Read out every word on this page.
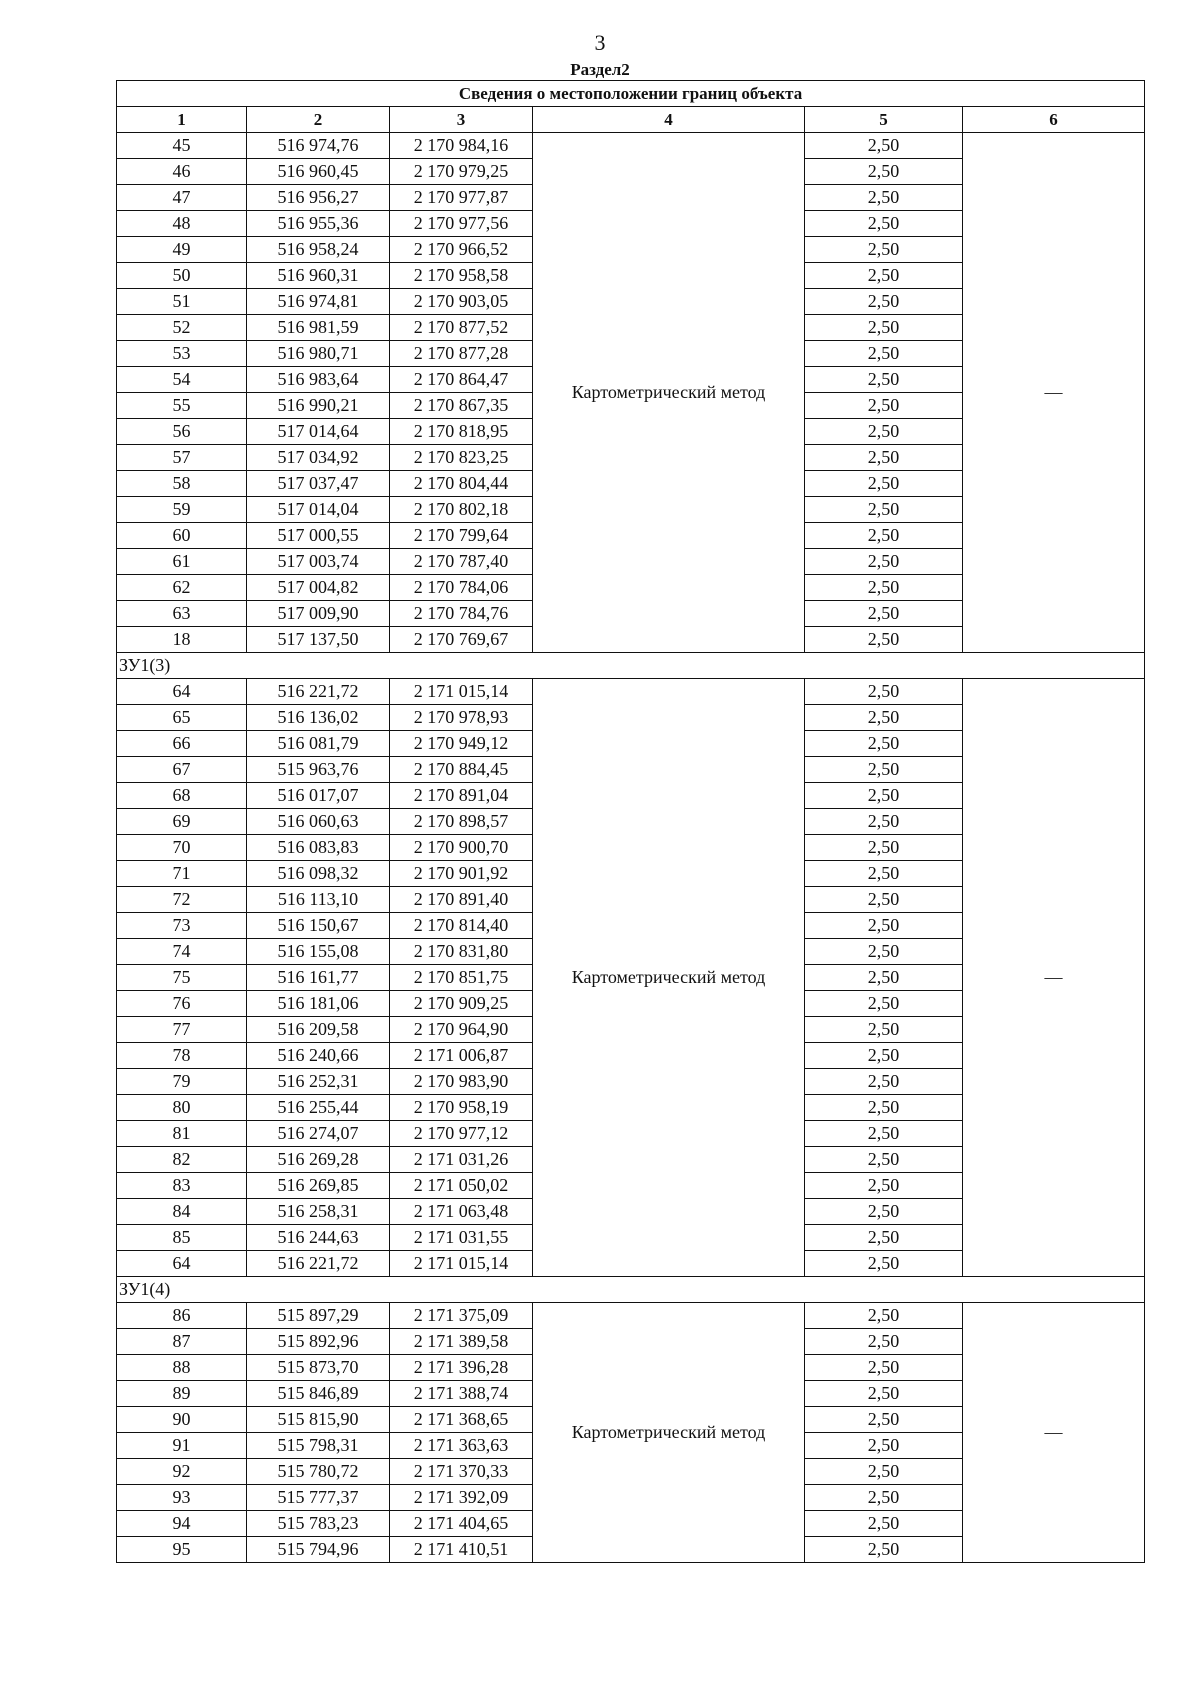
3
Раздел2
Сведения о местоположении границ объекта					
1	2	3	4	5	6
45	516 974,76	2 170 984,16	Картометрический метод	2,50	—
46	516 960,45	2 170 979,25		2,50	
47	516 956,27	2 170 977,87		2,50	
48	516 955,36	2 170 977,56		2,50	
49	516 958,24	2 170 966,52		2,50	
50	516 960,31	2 170 958,58		2,50	
51	516 974,81	2 170 903,05		2,50	
52	516 981,59	2 170 877,52		2,50	
53	516 980,71	2 170 877,28		2,50	
54	516 983,64	2 170 864,47		2,50	
55	516 990,21	2 170 867,35		2,50	
56	517 014,64	2 170 818,95		2,50	
57	517 034,92	2 170 823,25		2,50	
58	517 037,47	2 170 804,44		2,50	
59	517 014,04	2 170 802,18		2,50	
60	517 000,55	2 170 799,64		2,50	
61	517 003,74	2 170 787,40		2,50	
62	517 004,82	2 170 784,06		2,50	
63	517 009,90	2 170 784,76		2,50	
18	517 137,50	2 170 769,67		2,50	
ЗУ1(3)					
64	516 221,72	2 171 015,14	Картометрический метод	2,50	—
65	516 136,02	2 170 978,93		2,50	
66	516 081,79	2 170 949,12		2,50	
67	515 963,76	2 170 884,45		2,50	
68	516 017,07	2 170 891,04		2,50	
69	516 060,63	2 170 898,57		2,50	
70	516 083,83	2 170 900,70		2,50	
71	516 098,32	2 170 901,92		2,50	
72	516 113,10	2 170 891,40		2,50	
73	516 150,67	2 170 814,40		2,50	
74	516 155,08	2 170 831,80		2,50	
75	516 161,77	2 170 851,75		2,50	
76	516 181,06	2 170 909,25		2,50	
77	516 209,58	2 170 964,90		2,50	
78	516 240,66	2 171 006,87		2,50	
79	516 252,31	2 170 983,90		2,50	
80	516 255,44	2 170 958,19		2,50	
81	516 274,07	2 170 977,12		2,50	
82	516 269,28	2 171 031,26		2,50	
83	516 269,85	2 171 050,02		2,50	
84	516 258,31	2 171 063,48		2,50	
85	516 244,63	2 171 031,55		2,50	
64	516 221,72	2 171 015,14		2,50	
ЗУ1(4)					
86	515 897,29	2 171 375,09	Картометрический метод	2,50	—
87	515 892,96	2 171 389,58		2,50	
88	515 873,70	2 171 396,28		2,50	
89	515 846,89	2 171 388,74		2,50	
90	515 815,90	2 171 368,65		2,50	
91	515 798,31	2 171 363,63		2,50	
92	515 780,72	2 171 370,33		2,50	
93	515 777,37	2 171 392,09		2,50	
94	515 783,23	2 171 404,65		2,50	
95	515 794,96	2 171 410,51		2,50	
